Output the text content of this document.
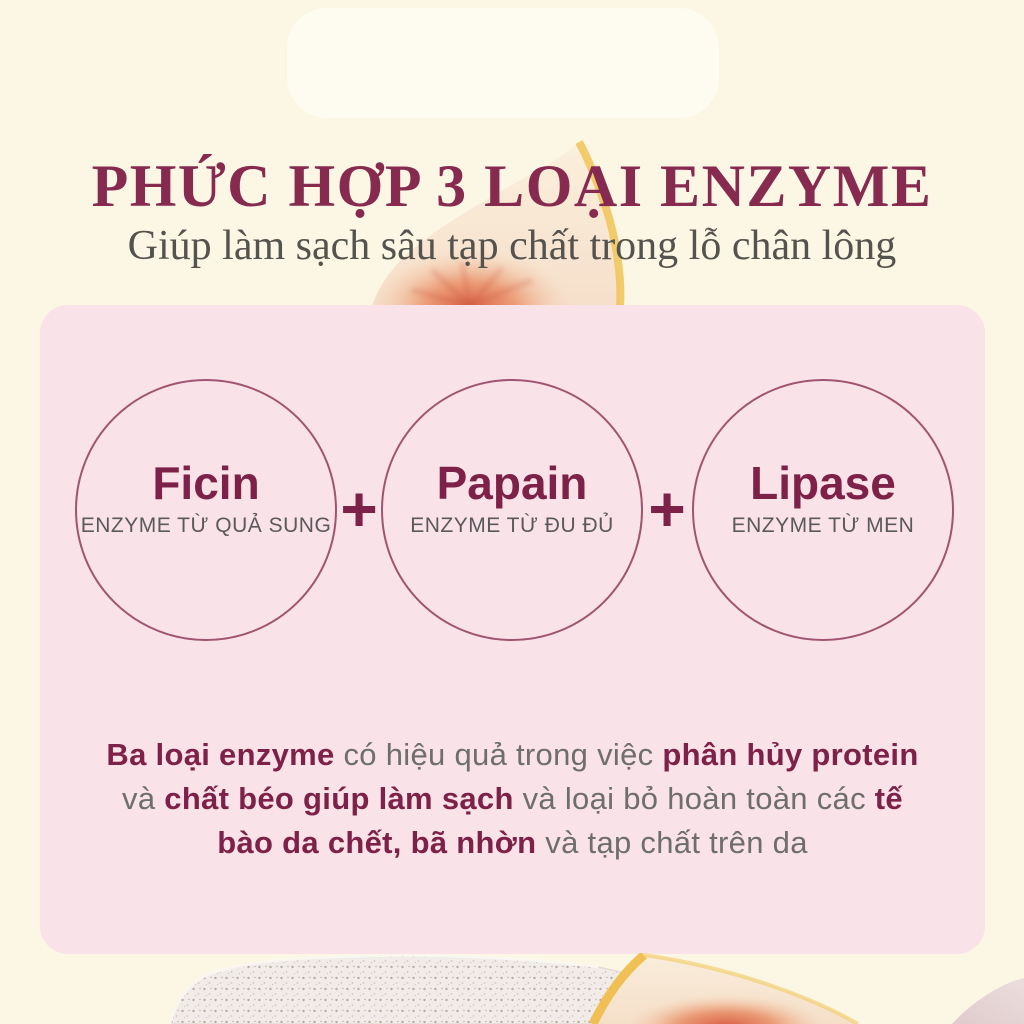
PHỨC HỢP 3 LOẠI ENZYME
Giúp làm sạch sâu tạp chất trong lỗ chân lông
Ficin
ENZYME TỪ QUẢ SUNG + Papain
ENZYME TỪ ĐU ĐỦ + Lipase
ENZYME TỪ MEN
Ba loại enzyme có hiệu quả trong việc phân hủy protein
và chất béo giúp làm sạch và loại bỏ hoàn toàn các tế
bào da chết, bã nhờn và tạp chất trên da
